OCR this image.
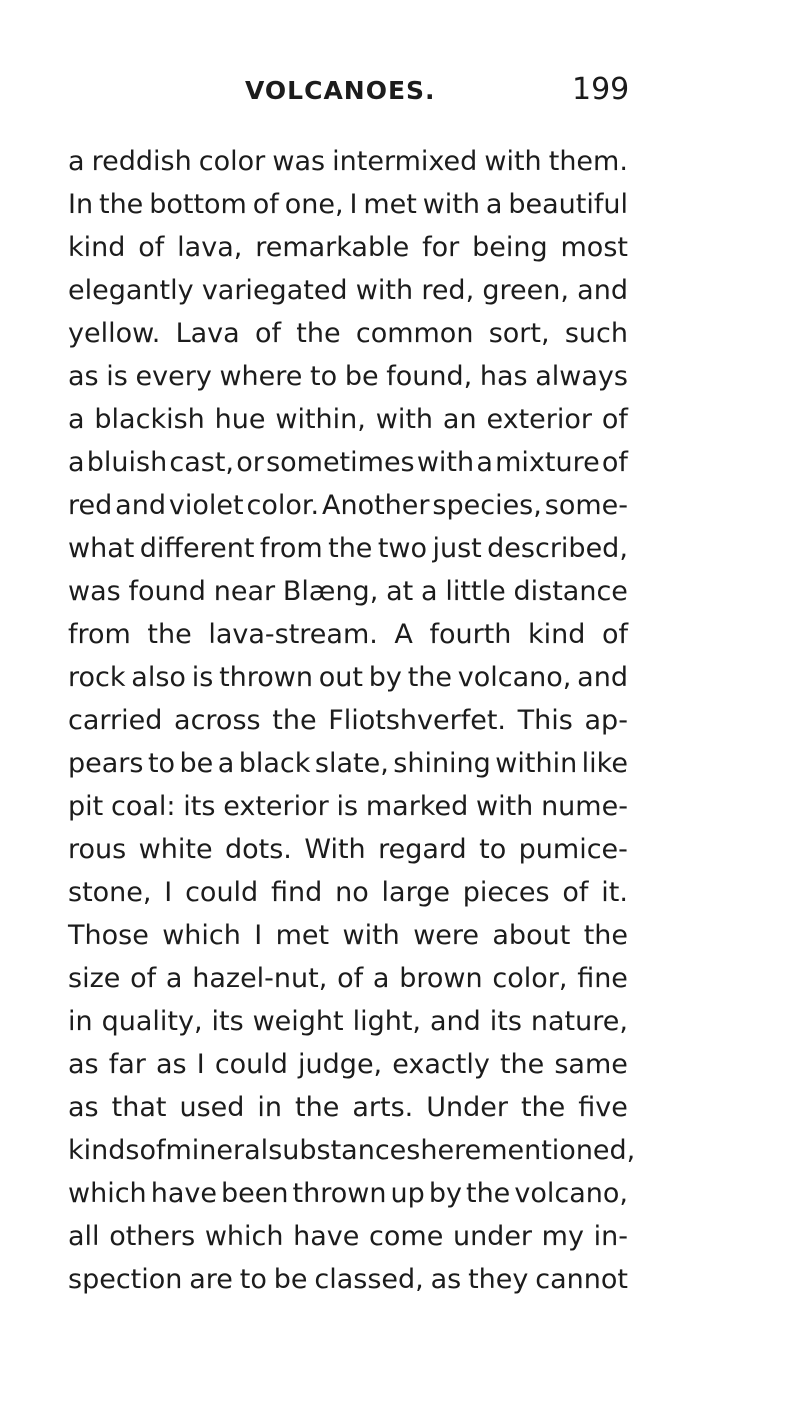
VOLCANOES.	199
a reddish color was intermixed with them.
In the bottom of one, I met with a beautiful
kind of lava, remarkable for being most
elegantly variegated with red, green, and
yellow. Lava of the common sort, such
as is every where to be found, has always
a blackish hue within, with an exterior of
a bluish cast, or sometimes with a mixture of
red and violet color. Another species, some-
what different from the two just described,
was found near Blæng, at a little distance
from the lava-stream. A fourth kind of
rock also is thrown out by the volcano, and
carried across the Fliotshverfet. This ap-
pears to be a black slate, shining within like
pit coal: its exterior is marked with nume-
rous white dots. With regard to pumice-
stone, I could find no large pieces of it.
Those which I met with were about the
size of a hazel-nut, of a brown color, fine
in quality, its weight light, and its nature,
as far as I could judge, exactly the same
as that used in the arts. Under the five
kinds of mineral substances here mentioned,
which have been thrown up by the volcano,
all others which have come under my in-
spection are to be classed, as they cannot
